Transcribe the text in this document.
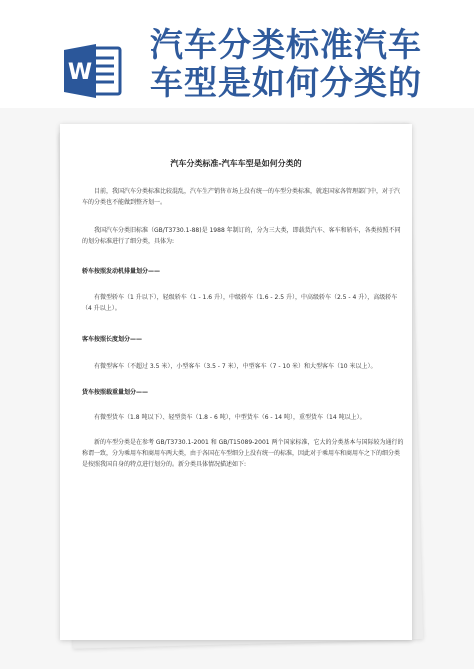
W
汽车分类标准汽车
车型是如何分类的
汽车分类标准-汽车车型是如何分类的

目前，我国汽车分类标准比较混乱，汽车生产销售市场上没有统一的车型分类标准，就连国家各管理部门中，对于汽车的分类也不能做到整齐划一。

我国汽车分类旧标准（GB/T3730.1-88)是 1988 年制订的，分为三大类，即载货汽车、客车和轿车，各类按照不同的划分标准进行了细分类，具体为:

轿车按照发动机排量划分——

有微型轿车（1 升以下），轻级轿车（1 - 1.6 升），中级轿车（1.6 - 2.5 升），中高级轿车（2.5 - 4 升），高级轿车（4 升以上）。

客车按照长度划分——

有微型客车（不超过 3.5 米），小型客车（3.5 - 7 米），中型客车（7 - 10 米）和大型客车（10 米以上）。

货车按照载重量划分——

有微型货车（1.8 吨以下）、轻型货车（1.8 - 6 吨），中型货车（6 - 14 吨），重型货车（14 吨以上）。

新的车型分类是在参考 GB/T3730.1-2001 和 GB/T15089-2001 两个国家标准，它大的分类基本与国际较为通行的称谓一致，分为乘用车和商用车两大类，由于各国在车型细分上没有统一的标准，因此对于乘用车和商用车之下的细分类是按照我国自身的特点进行划分的。新分类具体情况描述如下:
